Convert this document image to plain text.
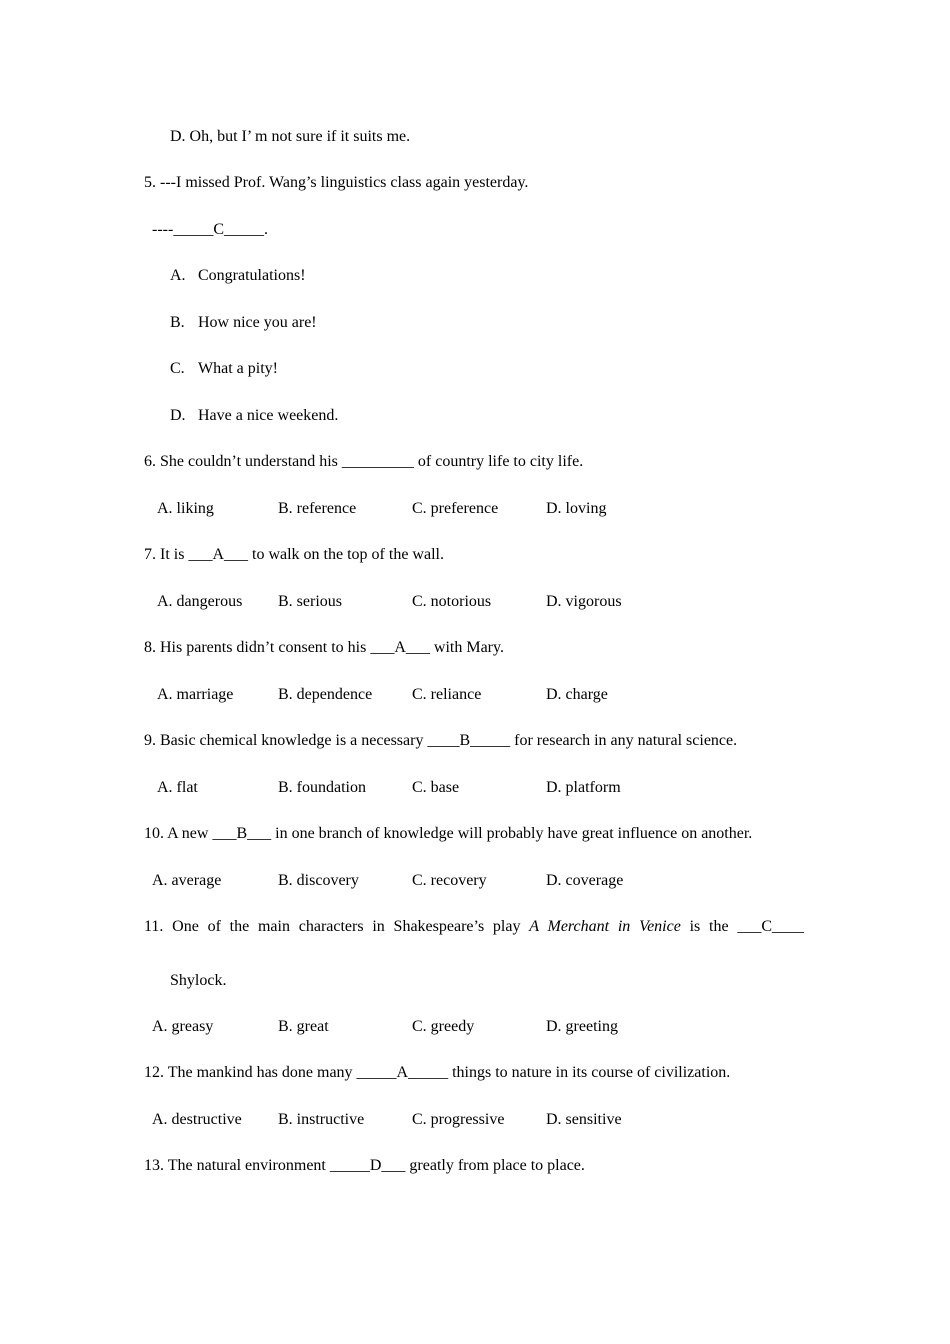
D. Oh, but I’ m not sure if it suits me.
5. ---I missed Prof. Wang’s linguistics class again yesterday.
----_____C_____.
A. Congratulations!
B. How nice you are!
C. What a pity!
D. Have a nice weekend.
6. She couldn’t understand his _________ of country life to city life.
A. liking	B. reference	C. preference	D. loving
7. It is ___A___ to walk on the top of the wall.
A. dangerous B. serious	C. notorious	D. vigorous
8. His parents didn’t consent to his ___A___ with Mary.
A. marriage	B. dependence C. reliance	D. charge
9. Basic chemical knowledge is a necessary ____B_____ for research in any natural science.
A. flat	B. foundation	C. base	D. platform
10. A new ___B___ in one branch of knowledge will probably have great influence on another.
A. average	B. discovery	C. recovery	D. coverage
11. One of the main characters in Shakespeare’s play A Merchant in Venice is the ___C____
Shylock.
A. greasy	B. great	C. greedy	D. greeting
12. The mankind has done many _____A_____ things to nature in its course of civilization.
A. destructive B. instructive	C. progressive	D. sensitive
13. The natural environment _____D___ greatly from place to place.
